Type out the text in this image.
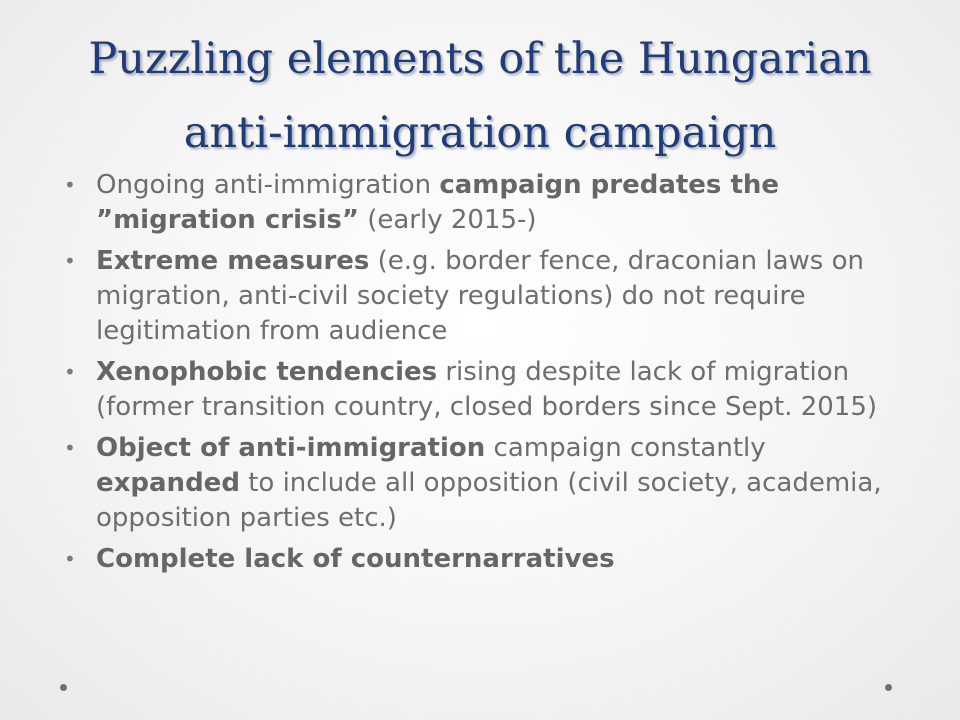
Puzzling elements of the Hungarian
anti-immigration campaign
• Ongoing anti-immigration campaign predates the ”migration crisis” (early 2015-)
• Extreme measures (e.g. border fence, draconian laws on migration, anti-civil society regulations) do not require legitimation from audience
• Xenophobic tendencies rising despite lack of migration (former transition country, closed borders since Sept. 2015)
• Object of anti-immigration campaign constantly expanded to include all opposition (civil society, academia, opposition parties etc.)
• Complete lack of counternarratives
